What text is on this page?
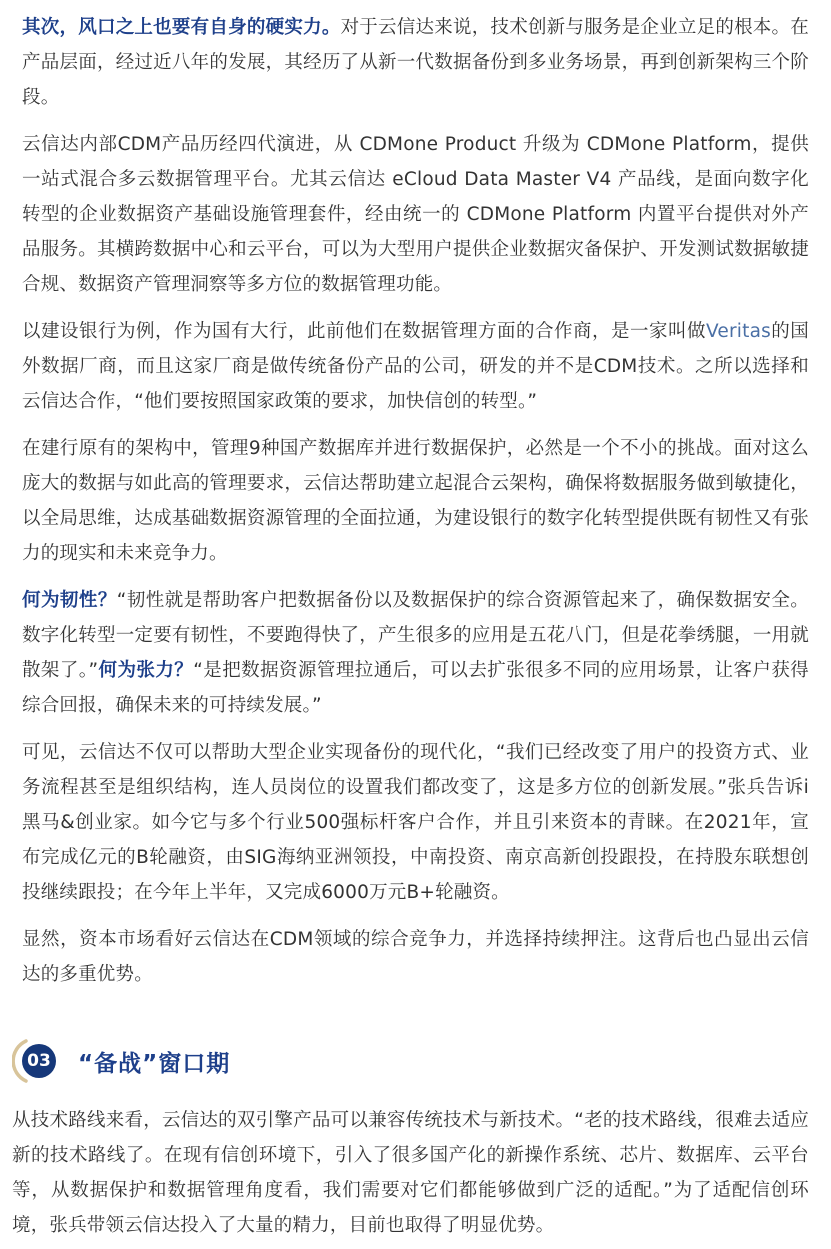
其次，风口之上也要有自身的硬实力。对于云信达来说，技术创新与服务是企业立足的根本。在产品层面，经过近八年的发展，其经历了从新一代数据备份到多业务场景，再到创新架构三个阶段。

云信达内部CDM产品历经四代演进，从 CDMone Product 升级为 CDMone Platform，提供一站式混合多云数据管理平台。尤其云信达 eCloud Data Master V4 产品线，是面向数字化转型的企业数据资产基础设施管理套件，经由统一的 CDMone Platform 内置平台提供对外产品服务。其横跨数据中心和云平台，可以为大型用户提供企业数据灾备保护、开发测试数据敏捷合规、数据资产管理洞察等多方位的数据管理功能。

以建设银行为例，作为国有大行，此前他们在数据管理方面的合作商，是一家叫做Veritas的国外数据厂商，而且这家厂商是做传统备份产品的公司，研发的并不是CDM技术。之所以选择和云信达合作，“他们要按照国家政策的要求，加快信创的转型。”

在建行原有的架构中，管理9种国产数据库并进行数据保护，必然是一个不小的挑战。面对这么庞大的数据与如此高的管理要求，云信达帮助建立起混合云架构，确保将数据服务做到敏捷化，以全局思维，达成基础数据资源管理的全面拉通，为建设银行的数字化转型提供既有韧性又有张力的现实和未来竞争力。

何为韧性？“韧性就是帮助客户把数据备份以及数据保护的综合资源管起来了，确保数据安全。数字化转型一定要有韧性，不要跑得快了，产生很多的应用是五花八门，但是花拳绣腿，一用就散架了。”何为张力？“是把数据资源管理拉通后，可以去扩张很多不同的应用场景，让客户获得综合回报，确保未来的可持续发展。”

可见，云信达不仅可以帮助大型企业实现备份的现代化，“我们已经改变了用户的投资方式、业务流程甚至是组织结构，连人员岗位的设置我们都改变了，这是多方位的创新发展。”张兵告诉i黑马&创业家。如今它与多个行业500强标杆客户合作，并且引来资本的青睐。在2021年，宣布完成亿元的B轮融资，由SIG海纳亚洲领投，中南投资、南京高新创投跟投，在持股东联想创投继续跟投；在今年上半年，又完成6000万元B+轮融资。

显然，资本市场看好云信达在CDM领域的综合竞争力，并选择持续押注。这背后也凸显出云信达的多重优势。

03 “备战”窗口期

从技术路线来看，云信达的双引擎产品可以兼容传统技术与新技术。“老的技术路线，很难去适应新的技术路线了。在现有信创环境下，引入了很多国产化的新操作系统、芯片、数据库、云平台等，从数据保护和数据管理角度看，我们需要对它们都能够做到广泛的适配。”为了适配信创环境，张兵带领云信达投入了大量的精力，目前也取得了明显优势。
